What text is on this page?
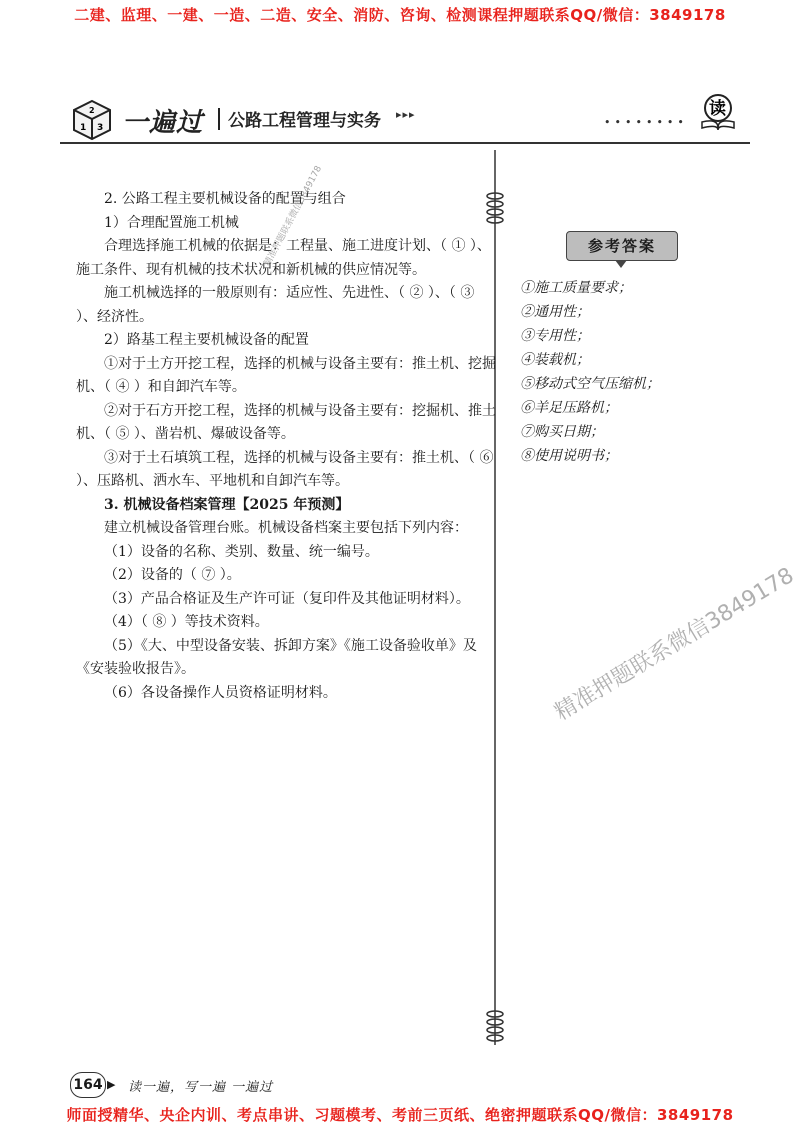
二建、监理、一建、一造、二造、安全、消防、咨询、检测课程押题联系QQ/微信：3849178
1 3
2 一遍过 公路工程管理与实务 ▸▸▸
••••••••
读

2. 公路工程主要机械设备的配置与组合

1）合理配置施工机械

合理选择施工机械的依据是：工程量、施工进度计划、（ ① ）、施工条件、现有机械的技术状况和新机械的供应情况等。

施工机械选择的一般原则有：适应性、先进性、（ ② ）、（ ③ ）、经济性。

2）路基工程主要机械设备的配置

①对于土方开挖工程，选择的机械与设备主要有：推土机、挖掘机、（ ④ ）和自卸汽车等。

②对于石方开挖工程，选择的机械与设备主要有：挖掘机、推土机、（ ⑤ ）、凿岩机、爆破设备等。

③对于土石填筑工程，选择的机械与设备主要有：推土机、（ ⑥ ）、压路机、洒水车、平地机和自卸汽车等。

3. 机械设备档案管理【2025 年预测】

建立机械设备管理台账。机械设备档案主要包括下列内容：

（1）设备的名称、类别、数量、统一编号。

（2）设备的（ ⑦ ）。

（3）产品合格证及生产许可证（复印件及其他证明材料）。

（4）（ ⑧ ）等技术资料。

（5）《大、中型设备安装、拆卸方案》《施工设备验收单》及《安装验收报告》。

（6）各设备操作人员资格证明材料。

参考答案
①施工质量要求；
②通用性；
③专用性；
④装载机；
⑤移动式空气压缩机；
⑥羊足压路机；
⑦购买日期；
⑧使用说明书；
精准押题联系微信3849178
精准押题联系微信3849178
164 ▶ 读一遍，写一遍 一遍过
师面授精华、央企内训、考点串讲、习题模考、考前三页纸、绝密押题联系QQ/微信：3849178
